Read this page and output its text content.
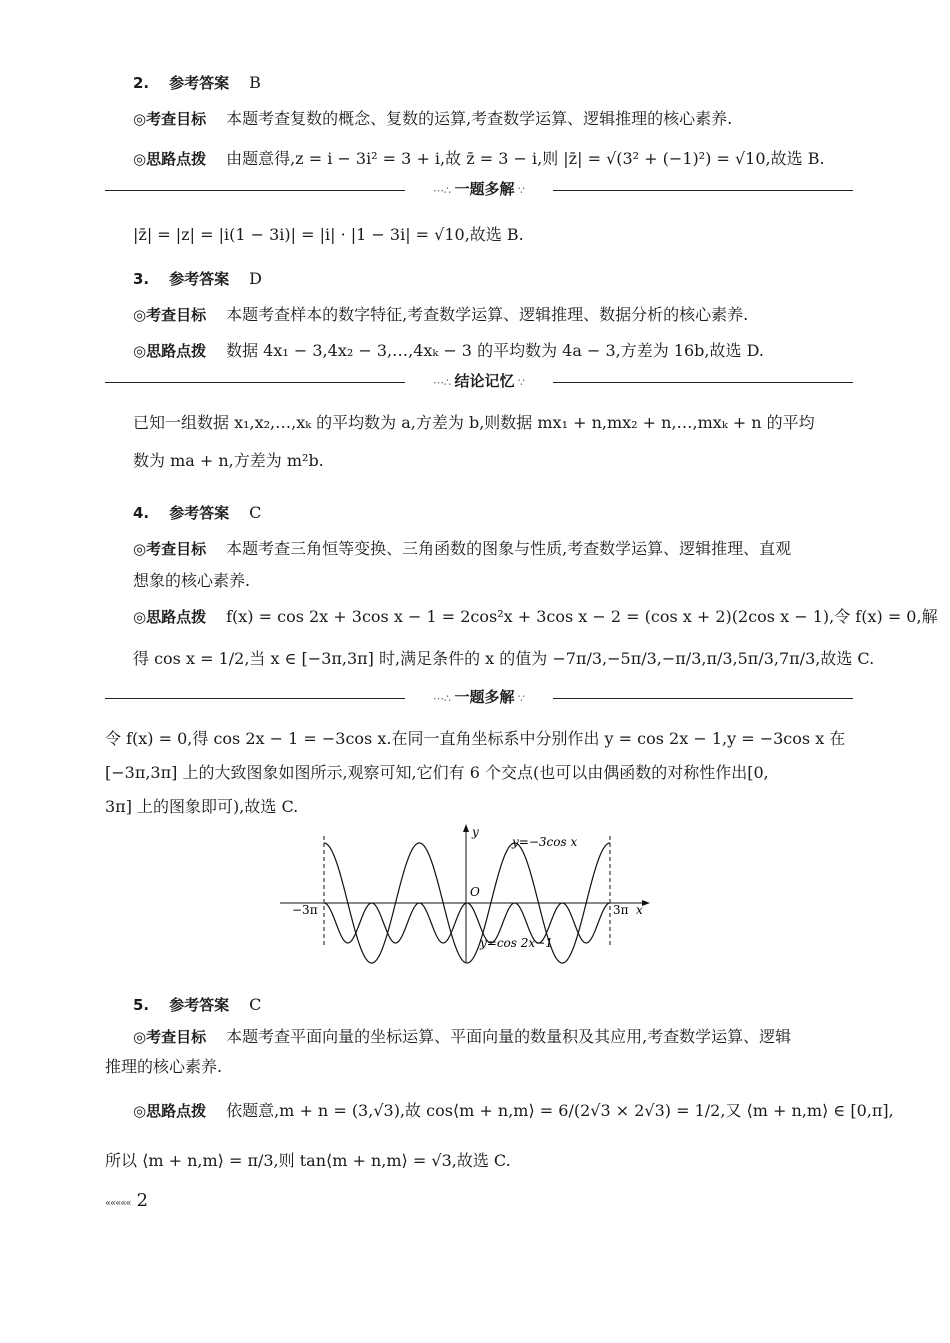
2. 参考答案 B
◎考查目标 本题考查复数的概念、复数的运算,考查数学运算、逻辑推理的核心素养.
◎思路点拨 由题意得,z = i − 3i² = 3 + i,故 z̄ = 3 − i,则 |z̄| = √(3² + (−1)²) = √10,故选 B.
⋯∴ 一题多解 ∵
|z̄| = |z| = |i(1 − 3i)| = |i| · |1 − 3i| = √10,故选 B.
3. 参考答案 D
◎考查目标 本题考查样本的数字特征,考查数学运算、逻辑推理、数据分析的核心素养.
◎思路点拨 数据 4x₁ − 3,4x₂ − 3,…,4xₖ − 3 的平均数为 4a − 3,方差为 16b,故选 D.
⋯∴ 结论记忆 ∵
已知一组数据 x₁,x₂,…,xₖ 的平均数为 a,方差为 b,则数据 mx₁ + n,mx₂ + n,…,mxₖ + n 的平均
数为 ma + n,方差为 m²b.
4. 参考答案 C
◎考查目标 本题考查三角恒等变换、三角函数的图象与性质,考查数学运算、逻辑推理、直观
想象的核心素养.
◎思路点拨 f(x) = cos 2x + 3cos x − 1 = 2cos²x + 3cos x − 2 = (cos x + 2)(2cos x − 1),令 f(x) = 0,解
得 cos x = 1/2,当 x ∈ [−3π,3π] 时,满足条件的 x 的值为 −7π/3,−5π/3,−π/3,π/3,5π/3,7π/3,故选 C.
⋯∴ 一题多解 ∵
令 f(x) = 0,得 cos 2x − 1 = −3cos x.在同一直角坐标系中分别作出 y = cos 2x − 1,y = −3cos x 在
[−3π,3π] 上的大致图象如图所示,观察可知,它们有 6 个交点(也可以由偶函数的对称性作出[0,
3π] 上的图象即可),故选 C.
y=−3cos x
y=cos 2x−1
−3π	3π x
y
O
5. 参考答案 C
◎考查目标 本题考查平面向量的坐标运算、平面向量的数量积及其应用,考查数学运算、逻辑
推理的核心素养.
◎思路点拨 依题意,m + n = (3,√3),故 cos⟨m + n,m⟩ = 6/(2√3 × 2√3) = 1/2,又 ⟨m + n,m⟩ ∈ [0,π],
所以 ⟨m + n,m⟩ = π/3,则 tan⟨m + n,m⟩ = √3,故选 C.
««««« 2
